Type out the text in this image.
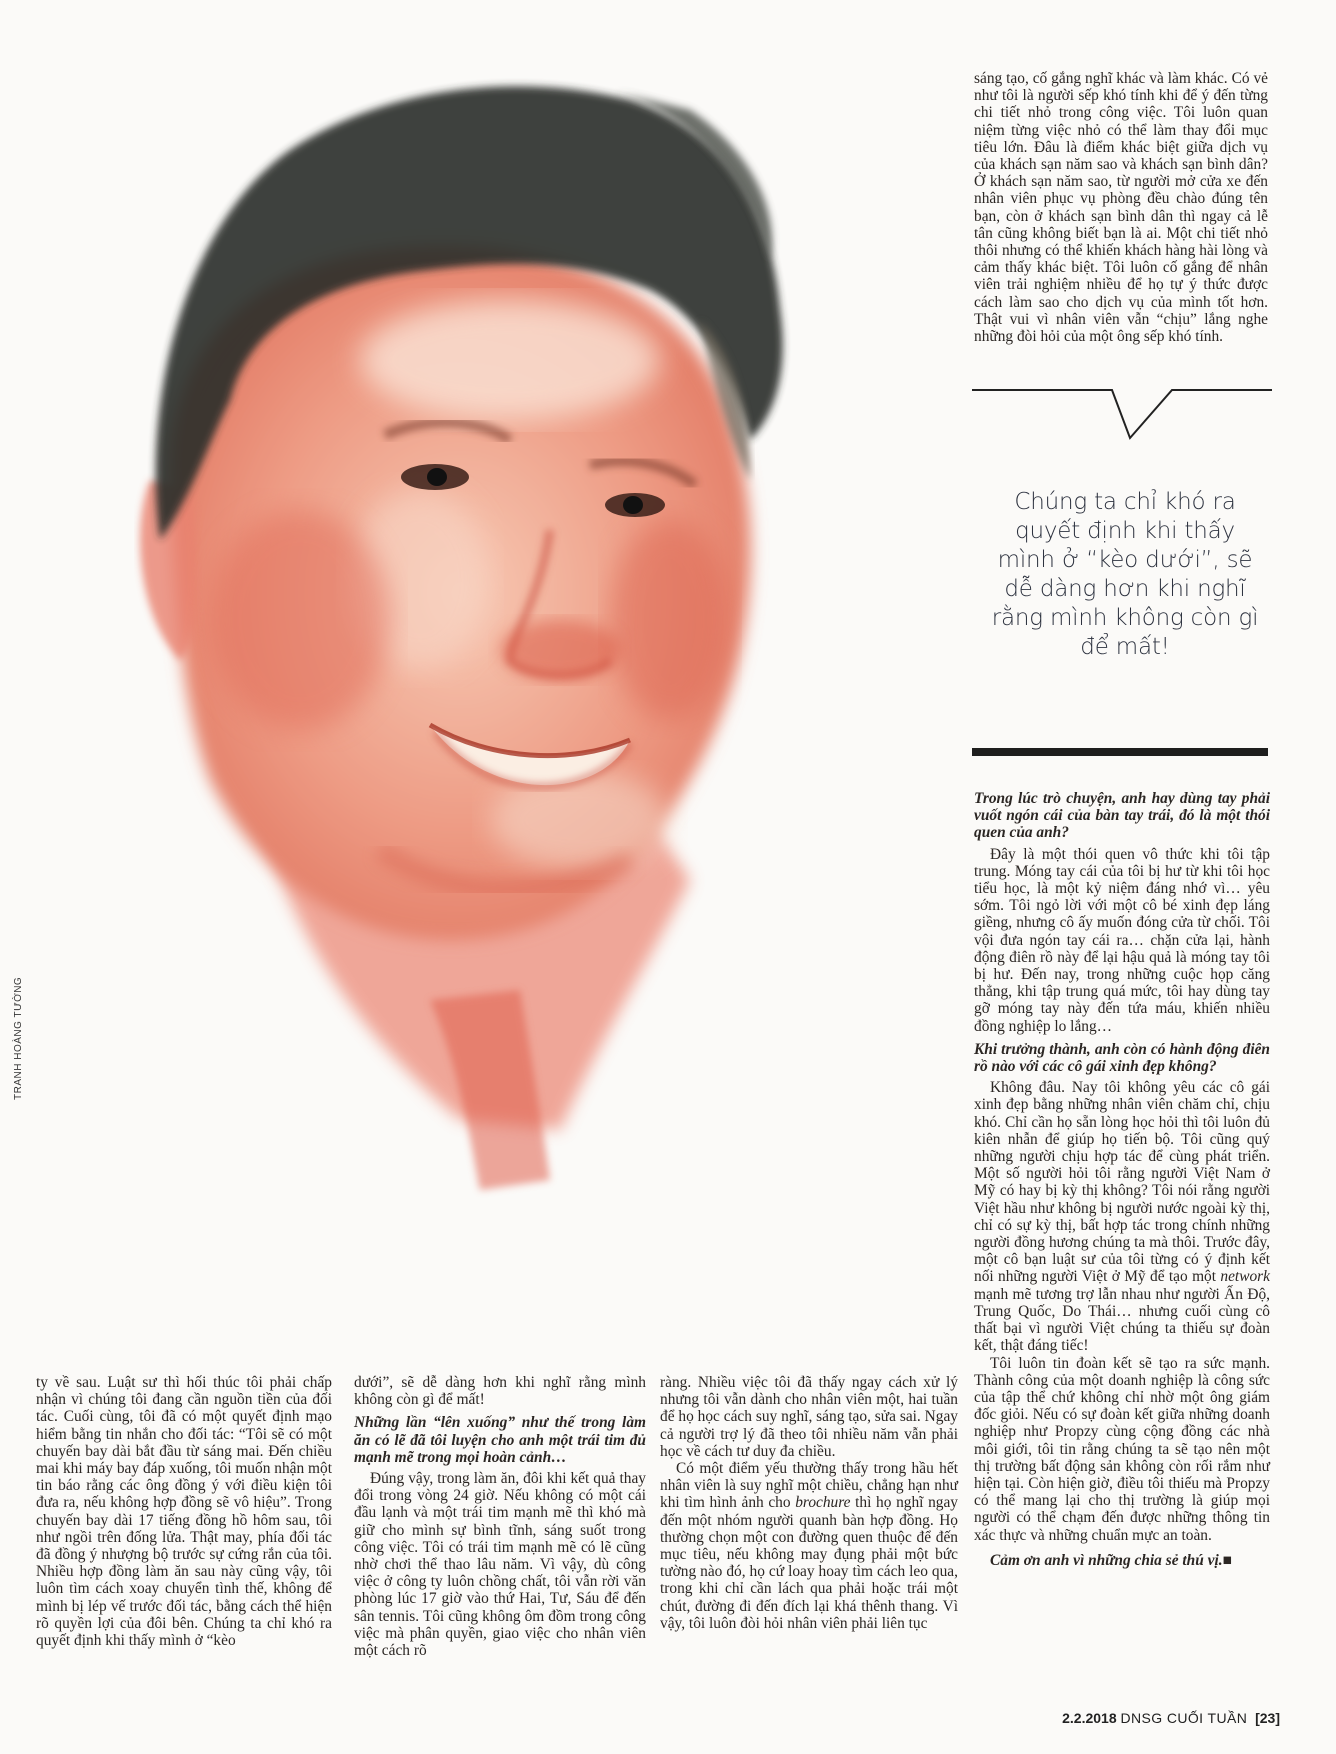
TRANH HOÀNG TƯỜNG

sáng tạo, cố gắng nghĩ khác và làm khác. Có vẻ như tôi là người sếp khó tính khi để ý đến từng chi tiết nhỏ trong công việc. Tôi luôn quan niệm từng việc nhỏ có thể làm thay đổi mục tiêu lớn. Đâu là điểm khác biệt giữa dịch vụ của khách sạn năm sao và khách sạn bình dân? Ở khách sạn năm sao, từ người mở cửa xe đến nhân viên phục vụ phòng đều chào đúng tên bạn, còn ở khách sạn bình dân thì ngay cả lễ tân cũng không biết bạn là ai. Một chi tiết nhỏ thôi nhưng có thể khiến khách hàng hài lòng và cảm thấy khác biệt. Tôi luôn cố gắng để nhân viên trải nghiệm nhiều để họ tự ý thức được cách làm sao cho dịch vụ của mình tốt hơn. Thật vui vì nhân viên vẫn “chịu” lắng nghe những đòi hỏi của một ông sếp khó tính.

Chúng ta chỉ khó ra quyết định khi thấy mình ở “kèo dưới”, sẽ dễ dàng hơn khi nghĩ rằng mình không còn gì để mất!

ty về sau. Luật sư thì hối thúc tôi phải chấp nhận vì chúng tôi đang cần nguồn tiền của đối tác. Cuối cùng, tôi đã có một quyết định mạo hiểm bằng tin nhắn cho đối tác: “Tôi sẽ có một chuyến bay dài bắt đầu từ sáng mai. Đến chiều mai khi máy bay đáp xuống, tôi muốn nhận một tin báo rằng các ông đồng ý với điều kiện tôi đưa ra, nếu không hợp đồng sẽ vô hiệu”. Trong chuyến bay dài 17 tiếng đồng hồ hôm sau, tôi như ngồi trên đống lửa. Thật may, phía đối tác đã đồng ý nhượng bộ trước sự cứng rắn của tôi. Nhiều hợp đồng làm ăn sau này cũng vậy, tôi luôn tìm cách xoay chuyển tình thế, không để mình bị lép vế trước đối tác, bằng cách thể hiện rõ quyền lợi của đôi bên. Chúng ta chỉ khó ra quyết định khi thấy mình ở “kèo

dưới”, sẽ dễ dàng hơn khi nghĩ rằng mình không còn gì để mất!

Những lần “lên xuống” như thế trong làm ăn có lẽ đã tôi luyện cho anh một trái tim đủ mạnh mẽ trong mọi hoàn cảnh…

Đúng vậy, trong làm ăn, đôi khi kết quả thay đổi trong vòng 24 giờ. Nếu không có một cái đầu lạnh và một trái tim mạnh mẽ thì khó mà giữ cho mình sự bình tĩnh, sáng suốt trong công việc. Tôi có trái tim mạnh mẽ có lẽ cũng nhờ chơi thể thao lâu năm. Vì vậy, dù công việc ở công ty luôn chồng chất, tôi vẫn rời văn phòng lúc 17 giờ vào thứ Hai, Tư, Sáu để đến sân tennis. Tôi cũng không ôm đồm trong công việc mà phân quyền, giao việc cho nhân viên một cách rõ

ràng. Nhiều việc tôi đã thấy ngay cách xử lý nhưng tôi vẫn dành cho nhân viên một, hai tuần để họ học cách suy nghĩ, sáng tạo, sửa sai. Ngay cả người trợ lý đã theo tôi nhiều năm vẫn phải học về cách tư duy đa chiều.

Có một điểm yếu thường thấy trong hầu hết nhân viên là suy nghĩ một chiều, chẳng hạn như khi tìm hình ảnh cho brochure thì họ nghĩ ngay đến một nhóm người quanh bàn hợp đồng. Họ thường chọn một con đường quen thuộc để đến mục tiêu, nếu không may đụng phải một bức tường nào đó, họ cứ loay hoay tìm cách leo qua, trong khi chỉ cần lách qua phải hoặc trái một chút, đường đi đến đích lại khá thênh thang. Vì vậy, tôi luôn đòi hỏi nhân viên phải liên tục

Trong lúc trò chuyện, anh hay dùng tay phải vuốt ngón cái của bàn tay trái, đó là một thói quen của anh?

Đây là một thói quen vô thức khi tôi tập trung. Móng tay cái của tôi bị hư từ khi tôi học tiểu học, là một kỷ niệm đáng nhớ vì… yêu sớm. Tôi ngỏ lời với một cô bé xinh đẹp láng giềng, nhưng cô ấy muốn đóng cửa từ chối. Tôi vội đưa ngón tay cái ra… chặn cửa lại, hành động điên rồ này để lại hậu quả là móng tay tôi bị hư. Đến nay, trong những cuộc họp căng thẳng, khi tập trung quá mức, tôi hay dùng tay gỡ móng tay này đến tứa máu, khiến nhiều đồng nghiệp lo lắng…

Khi trưởng thành, anh còn có hành động điên rồ nào với các cô gái xinh đẹp không?

Không đâu. Nay tôi không yêu các cô gái xinh đẹp bằng những nhân viên chăm chỉ, chịu khó. Chỉ cần họ sẵn lòng học hỏi thì tôi luôn đủ kiên nhẫn để giúp họ tiến bộ. Tôi cũng quý những người chịu hợp tác để cùng phát triển. Một số người hỏi tôi rằng người Việt Nam ở Mỹ có hay bị kỳ thị không? Tôi nói rằng người Việt hầu như không bị người nước ngoài kỳ thị, chỉ có sự kỳ thị, bất hợp tác trong chính những người đồng hương chúng ta mà thôi. Trước đây, một cô bạn luật sư của tôi từng có ý định kết nối những người Việt ở Mỹ để tạo một network mạnh mẽ tương trợ lẫn nhau như người Ấn Độ, Trung Quốc, Do Thái… nhưng cuối cùng cô thất bại vì người Việt chúng ta thiếu sự đoàn kết, thật đáng tiếc!

Tôi luôn tin đoàn kết sẽ tạo ra sức mạnh. Thành công của một doanh nghiệp là công sức của tập thể chứ không chỉ nhờ một ông giám đốc giỏi. Nếu có sự đoàn kết giữa những doanh nghiệp như Propzy cùng cộng đồng các nhà môi giới, tôi tin rằng chúng ta sẽ tạo nên một thị trường bất động sản không còn rối rắm như hiện tại. Còn hiện giờ, điều tôi thiếu mà Propzy có thể mang lại cho thị trường là giúp mọi người có thể chạm đến được những thông tin xác thực và những chuẩn mực an toàn.

Cảm ơn anh vì những chia sẻ thú vị.■

2.2.2018 DNSG CUỐI TUẦN [23]
